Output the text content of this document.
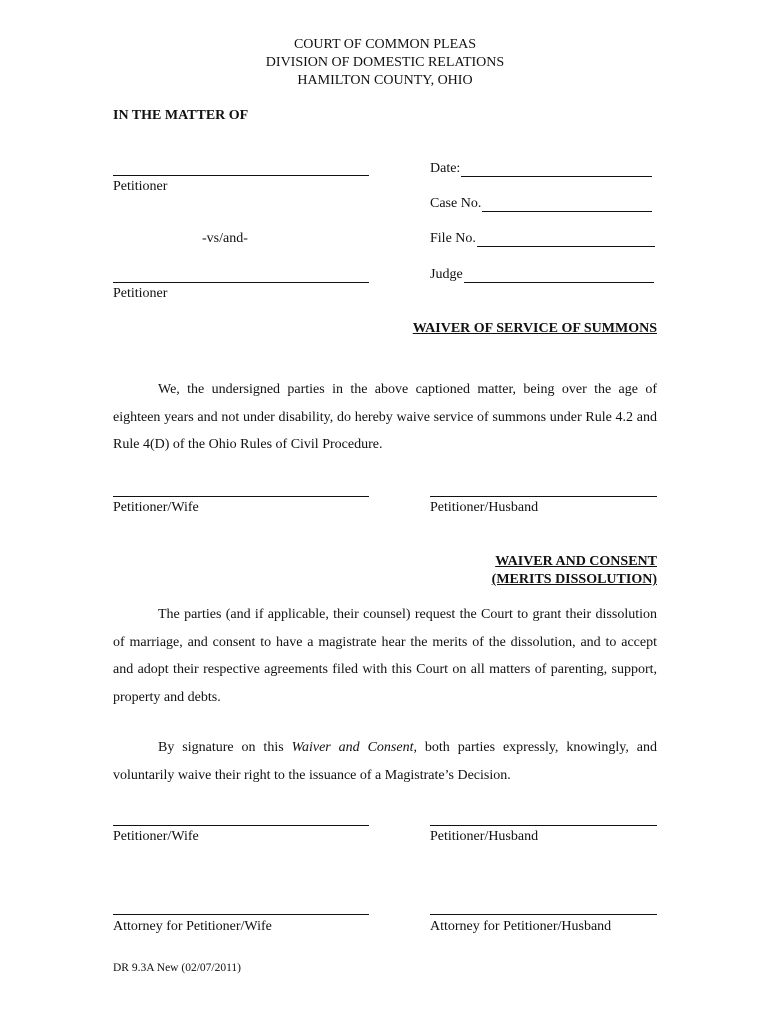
COURT OF COMMON PLEAS
DIVISION OF DOMESTIC RELATIONS
HAMILTON COUNTY, OHIO
IN THE MATTER OF
Petitioner
-vs/and-
Petitioner
Date:
Case No.
File No.
Judge
WAIVER OF SERVICE OF SUMMONS
We, the undersigned parties in the above captioned matter, being over the age of eighteen years and not under disability, do hereby waive service of summons under Rule 4.2 and Rule 4(D) of the Ohio Rules of Civil Procedure.
Petitioner/Wife	Petitioner/Husband
WAIVER AND CONSENT
(MERITS DISSOLUTION)
The parties (and if applicable, their counsel) request the Court to grant their dissolution of marriage, and consent to have a magistrate hear the merits of the dissolution, and to accept and adopt their respective agreements filed with this Court on all matters of parenting, support, property and debts.
By signature on this Waiver and Consent, both parties expressly, knowingly, and voluntarily waive their right to the issuance of a Magistrate’s Decision.
Petitioner/Wife	Petitioner/Husband
Attorney for Petitioner/Wife	Attorney for Petitioner/Husband
DR 9.3A New (02/07/2011)
